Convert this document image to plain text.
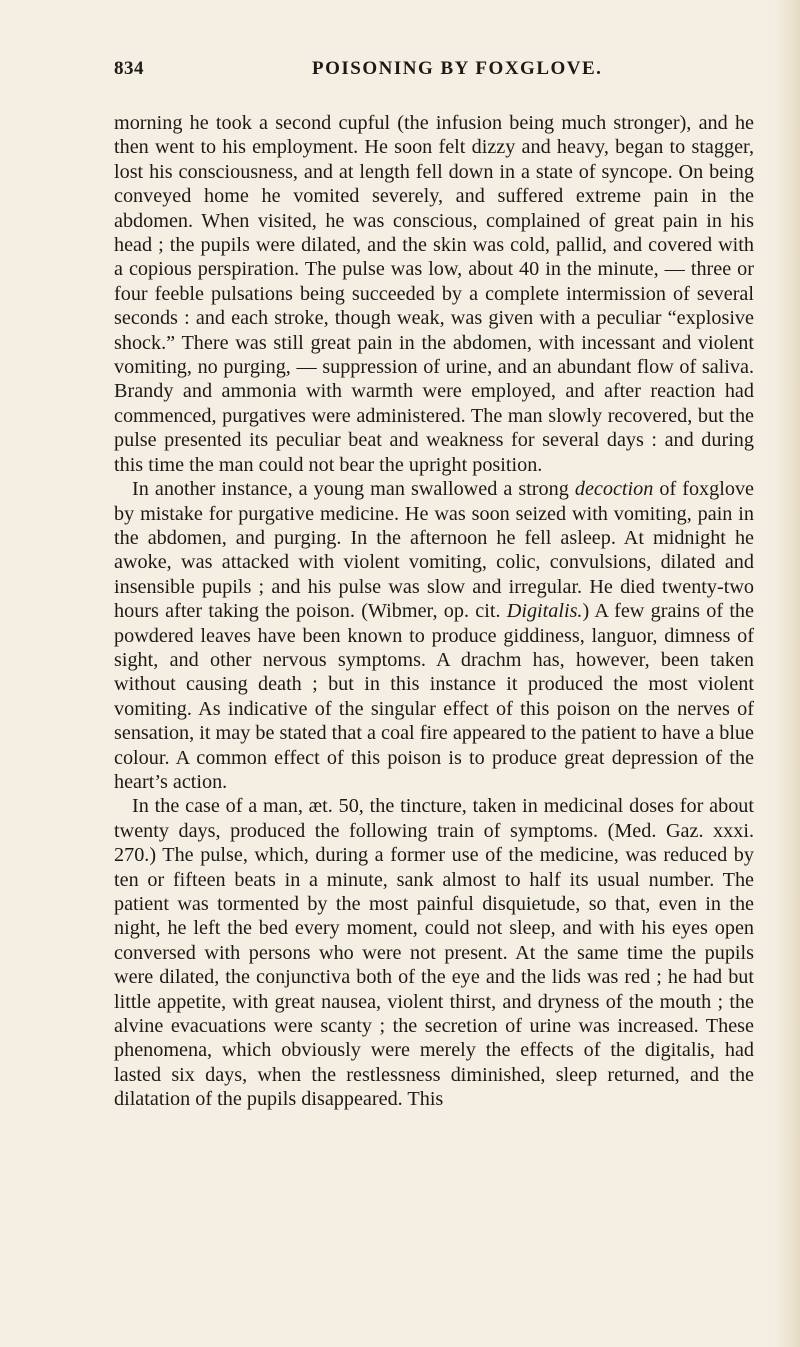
834	POISONING BY FOXGLOVE.

morning he took a second cupful (the infusion being much stronger), and he then went to his employment. He soon felt dizzy and heavy, began to stagger, lost his consciousness, and at length fell down in a state of syncope. On being conveyed home he vomited severely, and suffered extreme pain in the abdomen. When visited, he was conscious, complained of great pain in his head ; the pupils were dilated, and the skin was cold, pallid, and covered with a copious perspiration. The pulse was low, about 40 in the minute, — three or four feeble pulsations being succeeded by a complete intermission of several seconds : and each stroke, though weak, was given with a peculiar “explosive shock.” There was still great pain in the abdomen, with incessant and violent vomiting, no purging, — suppression of urine, and an abundant flow of saliva. Brandy and ammonia with warmth were employed, and after reaction had commenced, purgatives were administered. The man slowly recovered, but the pulse presented its peculiar beat and weakness for several days : and during this time the man could not bear the upright position.

In another instance, a young man swallowed a strong decoction of foxglove by mistake for purgative medicine. He was soon seized with vomiting, pain in the abdomen, and purging. In the afternoon he fell asleep. At midnight he awoke, was attacked with violent vomiting, colic, convulsions, dilated and insensible pupils ; and his pulse was slow and irregular. He died twenty-two hours after taking the poison. (Wibmer, op. cit. Digitalis.) A few grains of the powdered leaves have been known to produce giddiness, languor, dimness of sight, and other nervous symptoms. A drachm has, however, been taken without causing death ; but in this instance it produced the most violent vomiting. As indicative of the singular effect of this poison on the nerves of sensation, it may be stated that a coal fire appeared to the patient to have a blue colour. A common effect of this poison is to produce great depression of the heart’s action.

In the case of a man, æt. 50, the tincture, taken in medicinal doses for about twenty days, produced the following train of symptoms. (Med. Gaz. xxxi. 270.) The pulse, which, during a former use of the medicine, was reduced by ten or fifteen beats in a minute, sank almost to half its usual number. The patient was tormented by the most painful disquietude, so that, even in the night, he left the bed every moment, could not sleep, and with his eyes open conversed with persons who were not present. At the same time the pupils were dilated, the conjunctiva both of the eye and the lids was red ; he had but little appetite, with great nausea, violent thirst, and dryness of the mouth ; the alvine evacuations were scanty ; the secretion of urine was increased. These phenomena, which obviously were merely the effects of the digitalis, had lasted six days, when the restlessness diminished, sleep returned, and the dilatation of the pupils disappeared. This
